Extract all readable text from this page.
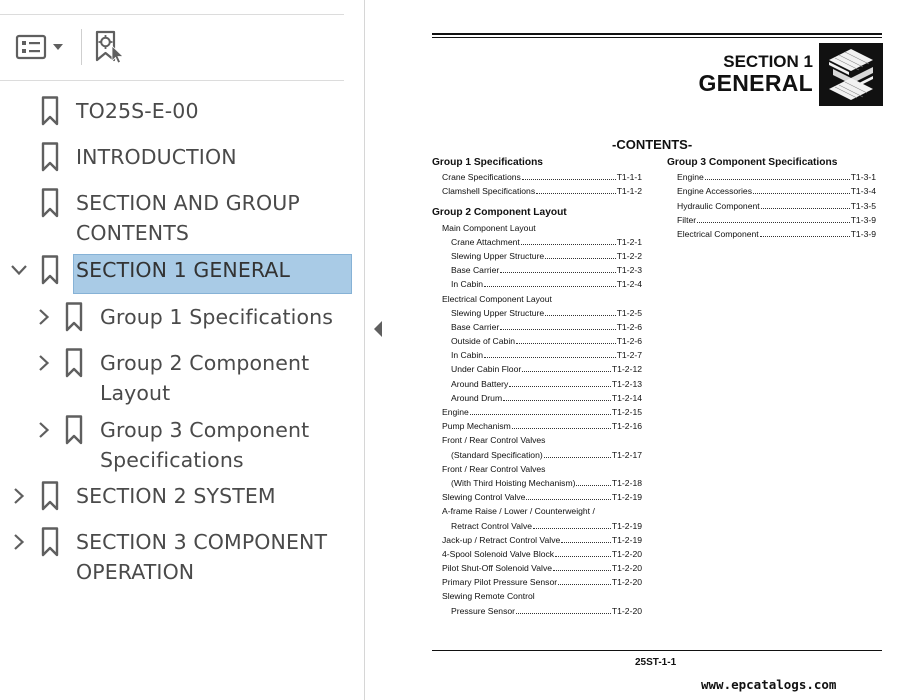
TO25S-E-00
INTRODUCTION
SECTION AND GROUP CONTENTS
SECTION 1 GENERAL
Group 1 Specifications
Group 2 Component Layout
Group 3 Component Specifications
SECTION 2 SYSTEM
SECTION 3 COMPONENT OPERATION
SECTION 1
GENERAL
-CONTENTS-
Group 1 Specifications
Crane Specifications	T1-1-1
Clamshell Specifications	T1-1-2
Group 2 Component Layout
Main Component Layout
Crane Attachment	T1-2-1
Slewing Upper Structure	T1-2-2
Base Carrier	T1-2-3
In Cabin	T1-2-4
Electrical Component Layout
Slewing Upper Structure	T1-2-5
Base Carrier	T1-2-6
Outside of Cabin	T1-2-6
In Cabin	T1-2-7
Under Cabin Floor	T1-2-12
Around Battery	T1-2-13
Around Drum	T1-2-14
Engine	T1-2-15
Pump Mechanism	T1-2-16
Front / Rear Control Valves
(Standard Specification)	T1-2-17
Front / Rear Control Valves
(With Third Hoisting Mechanism)	T1-2-18
Slewing Control Valve	T1-2-19
A-frame Raise / Lower / Counterweight /
Retract Control Valve	T1-2-19
Jack-up / Retract Control Valve	T1-2-19
4-Spool Solenoid Valve Block	T1-2-20
Pilot Shut-Off Solenoid Valve	T1-2-20
Primary Pilot Pressure Sensor	T1-2-20
Slewing Remote Control
Pressure Sensor	T1-2-20
Group 3 Component Specifications
Engine	T1-3-1
Engine Accessories	T1-3-4
Hydraulic Component	T1-3-5
Filter	T1-3-9
Electrical Component	T1-3-9
25ST-1-1
www.epcatalogs.com
